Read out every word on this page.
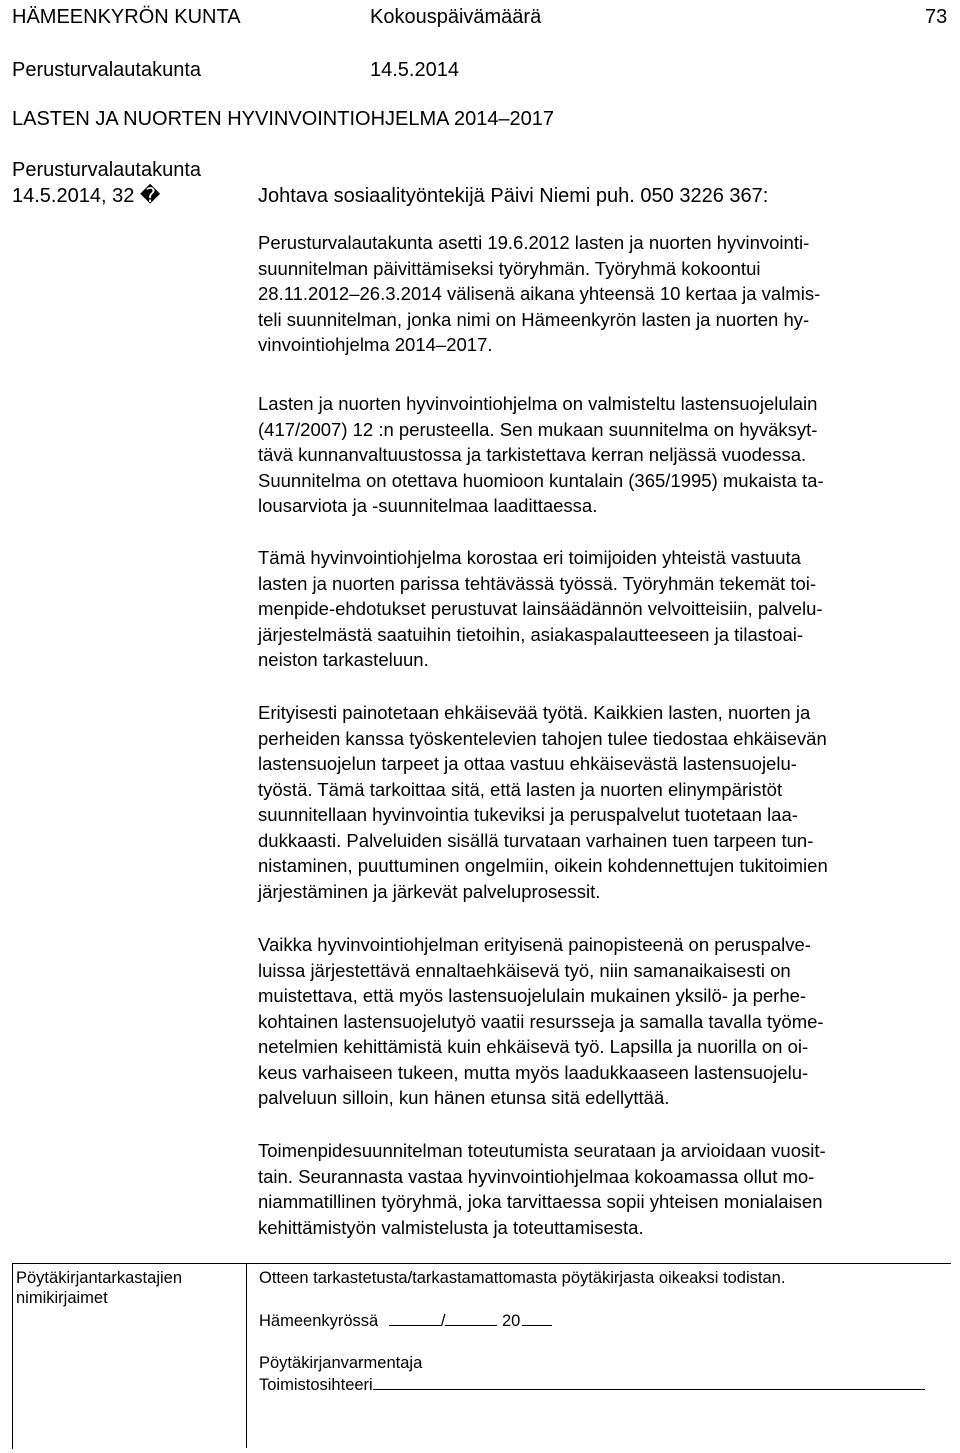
HÄMEENKYRÖN KUNTA	Kokouspäivämäärä	73
Perusturvalautakunta	14.5.2014
LASTEN JA NUORTEN HYVINVOINTIOHJELMA 2014–2017
Perusturvalautakunta
14.5.2014, 32 �	Johtava sosiaalityöntekijä Päivi Niemi puh. 050 3226 367:

Perusturvalautakunta asetti 19.6.2012 lasten ja nuorten hyvinvointi-

suunnitelman päivittämiseksi työryhmän. Työryhmä kokoontui

28.11.2012–26.3.2014 välisenä aikana yhteensä 10 kertaa ja valmis-

teli suunnitelman, jonka nimi on Hämeenkyrön lasten ja nuorten hy-

vinvointiohjelma 2014–2017.

Lasten ja nuorten hyvinvointiohjelma on valmisteltu lastensuojelulain

(417/2007) 12 :n perusteella. Sen mukaan suunnitelma on hyväksyt-

tävä kunnanvaltuustossa ja tarkistettava kerran neljässä vuodessa.

Suunnitelma on otettava huomioon kuntalain (365/1995) mukaista ta-

lousarviota ja -suunnitelmaa laadittaessa.

Tämä hyvinvointiohjelma korostaa eri toimijoiden yhteistä vastuuta

lasten ja nuorten parissa tehtävässä työssä. Työryhmän tekemät toi-

menpide-ehdotukset perustuvat lainsäädännön velvoitteisiin, palvelu-

järjestelmästä saatuihin tietoihin, asiakaspalautteeseen ja tilastoai-

neiston tarkasteluun.

Erityisesti painotetaan ehkäisevää työtä. Kaikkien lasten, nuorten ja

perheiden kanssa työskentelevien tahojen tulee tiedostaa ehkäisevän

lastensuojelun tarpeet ja ottaa vastuu ehkäisevästä lastensuojelu-

työstä. Tämä tarkoittaa sitä, että lasten ja nuorten elinympäristöt

suunnitellaan hyvinvointia tukeviksi ja peruspalvelut tuotetaan laa-

dukkaasti. Palveluiden sisällä turvataan varhainen tuen tarpeen tun-

nistaminen, puuttuminen ongelmiin, oikein kohdennettujen tukitoimien

järjestäminen ja järkevät palveluprosessit.

Vaikka hyvinvointiohjelman erityisenä painopisteenä on peruspalve-

luissa järjestettävä ennaltaehkäisevä työ, niin samanaikaisesti on

muistettava, että myös lastensuojelulain mukainen yksilö- ja perhe-

kohtainen lastensuojelutyö vaatii resursseja ja samalla tavalla työme-

netelmien kehittämistä kuin ehkäisevä työ. Lapsilla ja nuorilla on oi-

keus varhaiseen tukeen, mutta myös laadukkaaseen lastensuojelu-

palveluun silloin, kun hänen etunsa sitä edellyttää.

Toimenpidesuunnitelman toteutumista seurataan ja arvioidaan vuosit-

tain. Seurannasta vastaa hyvinvointiohjelmaa kokoamassa ollut mo-

niammatillinen työryhmä, joka tarvittaessa sopii yhteisen monialaisen

kehittämistyön valmistelusta ja toteuttamisesta.

Pöytäkirjantarkastajien
nimikirjaimet
Otteen tarkastetusta/tarkastamattomasta pöytäkirjasta oikeaksi todistan.
Hämeenkyrössä	/	20
Pöytäkirjanvarmentaja
Toimistosihteeri
